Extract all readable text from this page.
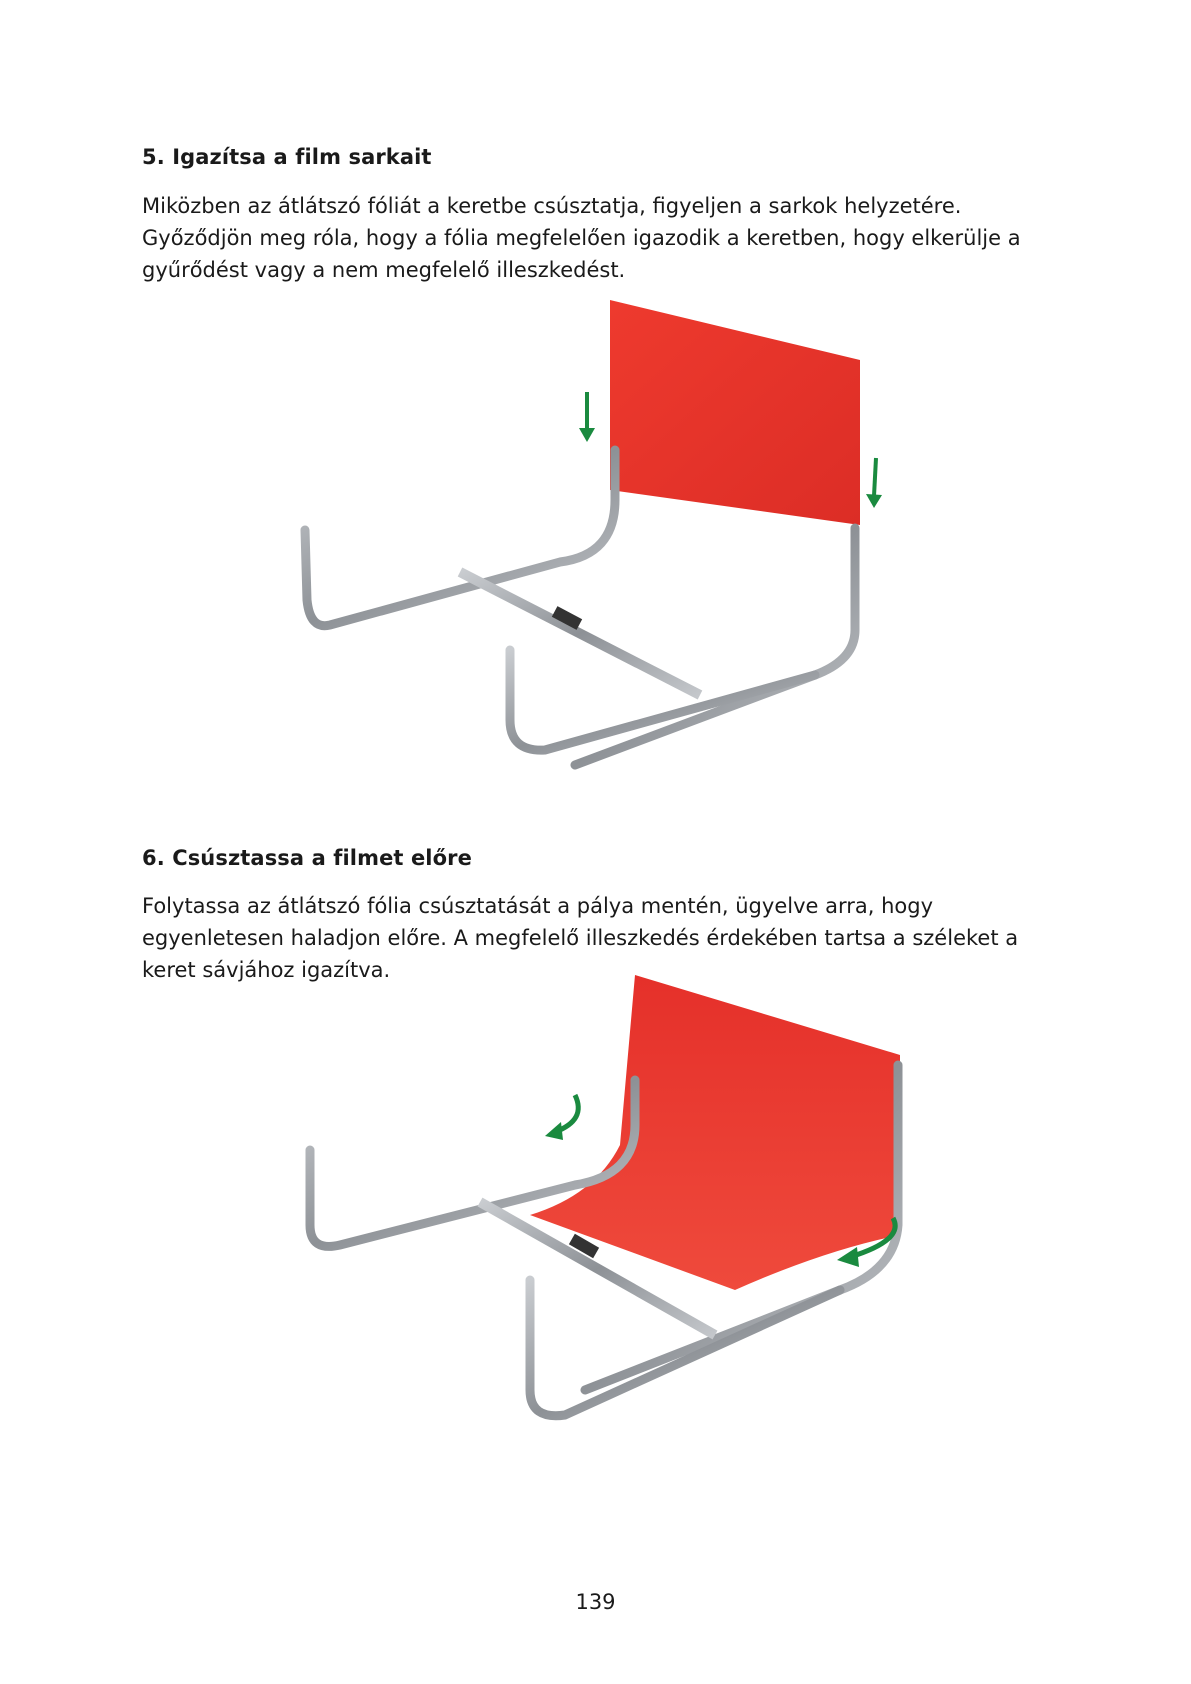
5. Igazítsa a film sarkait

Miközben az átlátszó fóliát a keretbe csúsztatja, figyeljen a sarkok helyzetére. Győződjön meg róla, hogy a fólia megfelelően igazodik a keretben, hogy elkerülje a gyűrődést vagy a nem megfelelő illeszkedést.

6. Csúsztassa a filmet előre

Folytassa az átlátszó fólia csúsztatását a pálya mentén, ügyelve arra, hogy egyenletesen haladjon előre. A megfelelő illeszkedés érdekében tartsa a széleket a keret sávjához igazítva.

139
